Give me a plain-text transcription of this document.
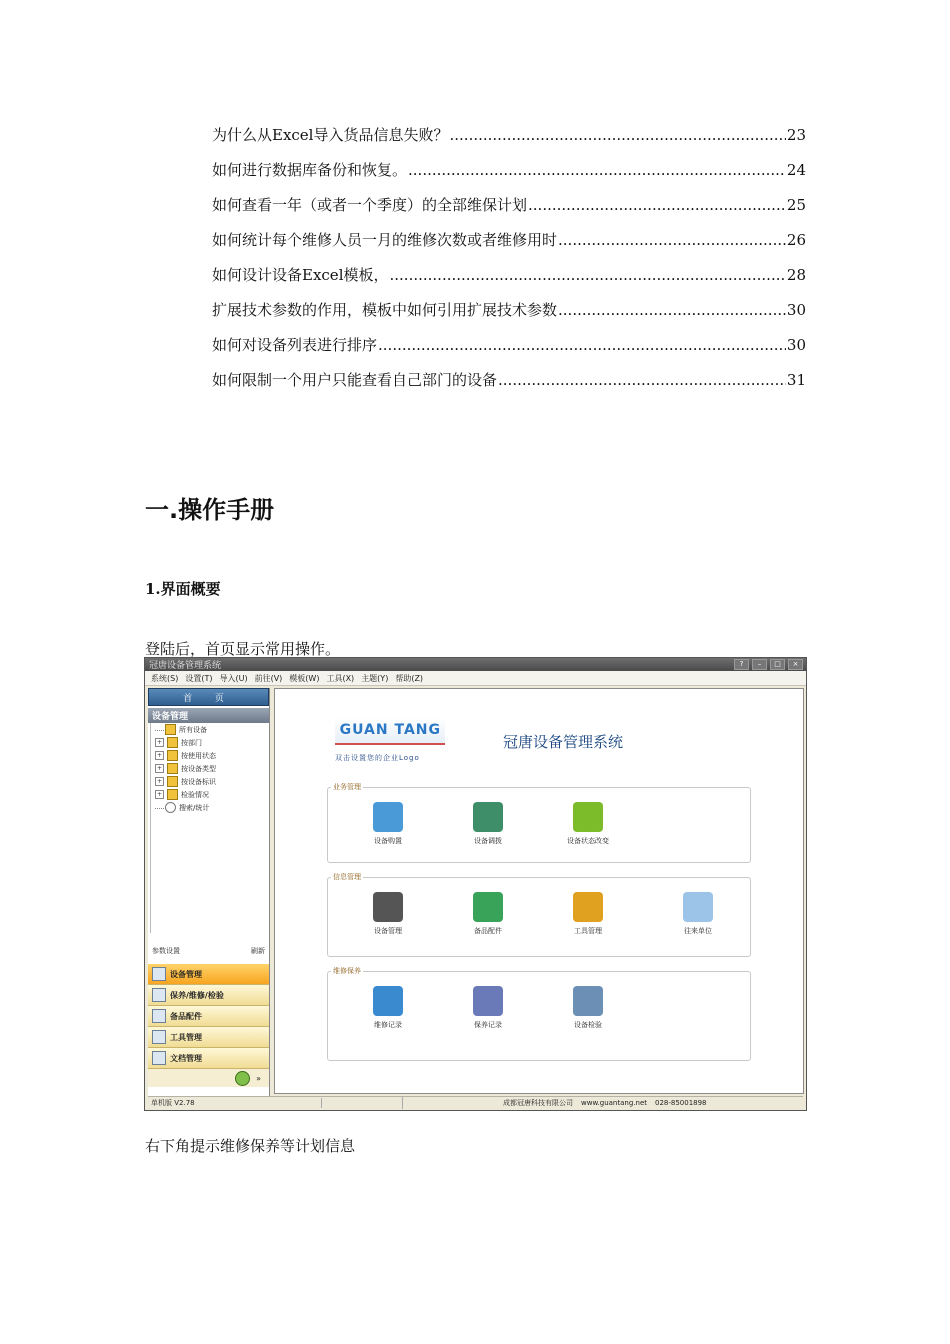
为什么从Excel导入货品信息失败？ .....	23
如何进行数据库备份和恢复。 .....	24
如何查看一年（或者一个季度）的全部维保计划 .....	25
如何统计每个维修人员一月的维修次数或者维修用时 .....	26
如何设计设备Excel模板， .....	28
扩展技术参数的作用，模板中如何引用扩展技术参数 .....	30
如何对设备列表进行排序 .....	30
如何限制一个用户只能查看自己部门的设备 .....	31
一.操作手册
1.界面概要
登陆后，首页显示常用操作。
冠唐设备管理系统	?	–	□	×
系统(S) 设置(T) 导入(U) 前往(V) 模板(W) 工具(X) 主题(Y) 帮助(Z)
首 页
设备管理
所有设备
+	按部门
+	按使用状态
+	按设备类型
+	按设备标识
+	检验情况
搜索/统计
参数设置	刷新
设备管理
保养/维修/检验
备品配件
工具管理
文档管理
»
GUAN TANG
双击设置您的企业Logo
冠唐设备管理系统
业务管理
设备购置	设备调拨	设备状态改变
信息管理
设备管理	备品配件	工具管理	往来单位
维修保养
维修记录	保养记录	设备检验
单机版 V2.78	成都冠唐科技有限公司	www.guantang.net	028-85001898
右下角提示维修保养等计划信息
